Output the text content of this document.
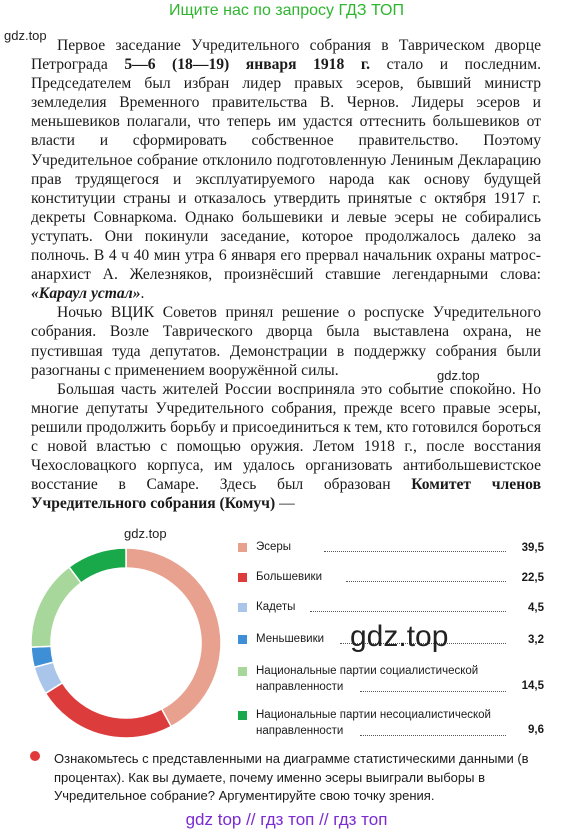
Ищите нас по запросу ГДЗ ТОП
gdz.top

Первое заседание Учредительного собрания в Таврическом дворце Петрограда 5—6 (18—19) января 1918 г. стало и последним. Председателем был избран лидер правых эсеров, бывший министр земледелия Временного правительства В. Чернов. Лидеры эсеров и меньшевиков полагали, что теперь им удастся оттеснить большевиков от власти и сформировать собственное правительство. Поэтому Учредительное собрание отклонило подготовленную Лениным Декларацию прав трудящегося и эксплуатируемого народа как основу будущей конституции страны и отказалось утвердить принятые с октября 1917 г. декреты Совнаркома. Однако большевики и левые эсеры не собирались уступать. Они покинули заседание, которое продолжалось далеко за полночь. В 4 ч 40 мин утра 6 января его прервал начальник охраны матрос-анархист А. Железняков, произнёсший ставшие легендарными слова: «Караул устал».

Ночью ВЦИК Советов принял решение о роспуске Учредительного собрания. Возле Таврического дворца была выставлена охрана, не пустившая туда депутатов. Демонстрации в поддержку собрания были разогнаны с применением вооружённой силы.

Большая часть жителей России восприняла это событие спокойно. Но многие депутаты Учредительного собрания, прежде всего правые эсеры, решили продолжить борьбу и присоединиться к тем, кто готовился бороться с новой властью с помощью оружия. Летом 1918 г., после восстания Чехословацкого корпуса, им удалось организовать антибольшевистское восстание в Самаре. Здесь был образован Комитет членов Учредительного собрания (Комуч) —

gdz.top
gdz.top
Эсеры	39,5
Большевики	22,5
Кадеты	4,5
Меньшевики	3,2
Национальные партии социалистической
направленности	14,5
Национальные партии несоциалистической
направленности	9,6
gdz.top
Ознакомьтесь с представленными на диаграмме статистическими данными (в процентах). Как вы думаете, почему именно эсеры выиграли выборы в Учредительное собрание? Аргументируйте свою точку зрения.
gdz top // гдз топ // гдз топ
